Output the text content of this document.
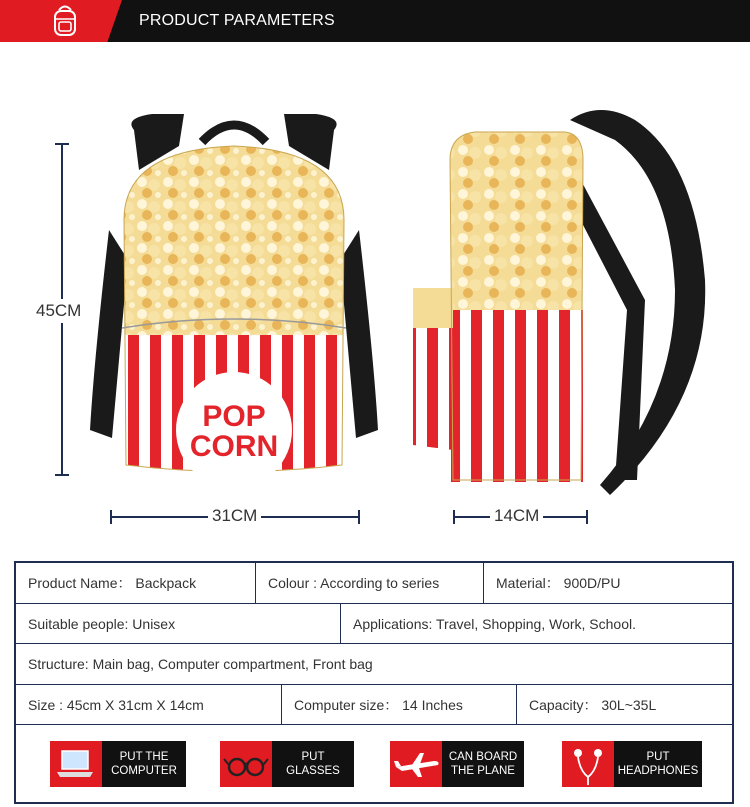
PRODUCT PARAMETERS
45CM
31CM	14CM
POP
CORN
Product Name： Backpack	Colour : According to series	Material： 900D/PU
Suitable people: Unisex	Applications: Travel, Shopping, Work, School.
Structure: Main bag, Computer compartment, Front bag
Size : 45cm X 31cm X 14cm	Computer size： 14 Inches	Capacity： 30L~35L
PUT THE
COMPUTER
PUT
GLASSES
CAN BOARD
THE PLANE
PUT
HEADPHONES
